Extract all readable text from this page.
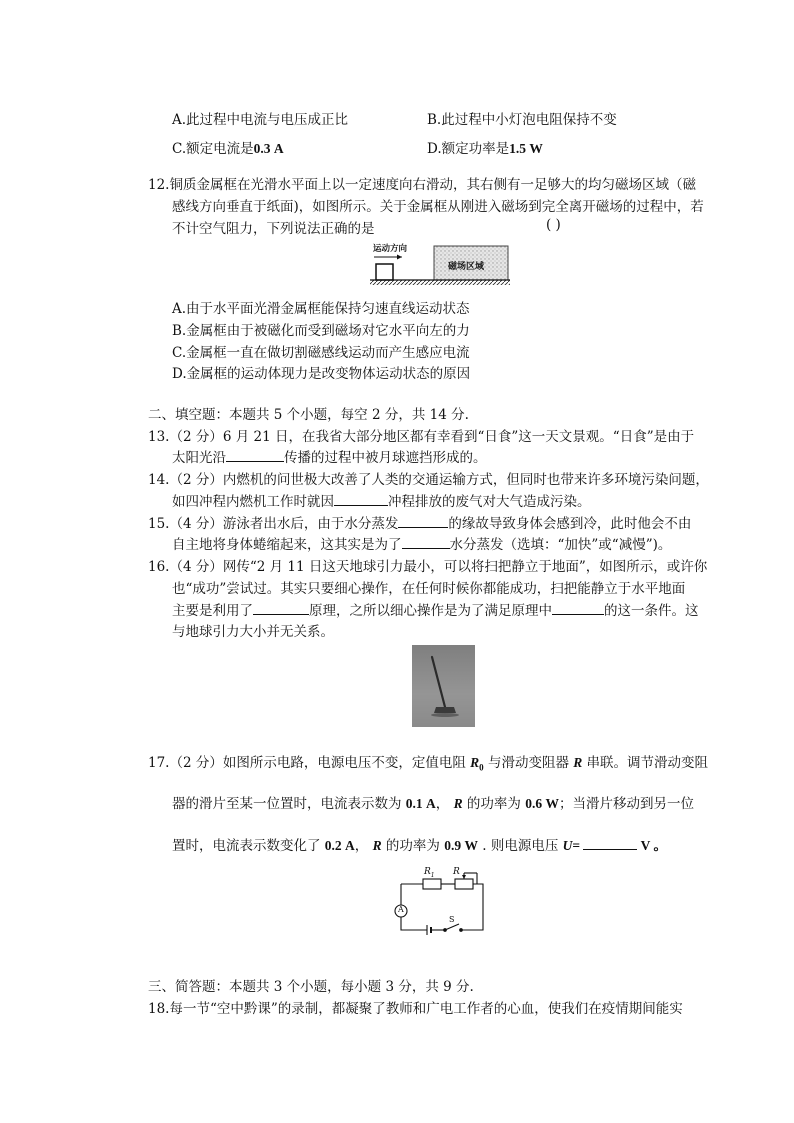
A.此过程中电流与电压成正比	B.此过程中小灯泡电阻保持不变
C.额定电流是0.3 A	D.额定功率是1.5 W
12.铜质金属框在光滑水平面上以一定速度向右滑动，其右侧有一足够大的均匀磁场区域（磁
感线方向垂直于纸面)，如图所示。关于金属框从刚进入磁场到完全离开磁场的过程中，若
不计空气阻力，下列说法正确的是	( )
运动方向
磁场区域
A.由于水平面光滑金属框能保持匀速直线运动状态
B.金属框由于被磁化而受到磁场对它水平向左的力
C.金属框一直在做切割磁感线运动而产生感应电流
D.金属框的运动体现力是改变物体运动状态的原因
二、填空题：本题共 5 个小题，每空 2 分，共 14 分.
13.（2 分）6 月 21 日，在我省大部分地区都有幸看到“日食”这一天文景观。“日食”是由于
太阳光沿	传播的过程中被月球遮挡形成的。
14.（2 分）内燃机的问世极大改善了人类的交通运输方式，但同时也带来许多环境污染问题，
如四冲程内燃机工作时就因	冲程排放的废气对大气造成污染。
15.（4 分）游泳者出水后，由于水分蒸发	的缘故导致身体会感到冷，此时他会不由
自主地将身体蜷缩起来，这其实是为了	水分蒸发（选填：“加快”或“减慢”)。
16.（4 分）网传“2 月 11 日这天地球引力最小，可以将扫把静立于地面”，如图所示，或许你
也“成功”尝试过。其实只要细心操作，在任何时候你都能成功，扫把能静立于水平地面
主要是利用了	原理，之所以细心操作是为了满足原理中	的这一条件。这
与地球引力大小并无关系。
17.（2 分）如图所示电路，电源电压不变，定值电阻 $R_0$ 与滑动变阻器 R 串联。调节滑动变阻
器的滑片至某一位置时，电流表示数为 0.1 A， R 的功率为 0.6 W；当滑片移动到另一位
置时，电流表示数变化了 0.2 A， R 的功率为 0.9 W . 则电源电压 U=	V 。
$R_1$ R
A
S
三、简答题：本题共 3 个小题，每小题 3 分，共 9 分.
18.每一节“空中黔课”的录制，都凝聚了教师和广电工作者的心血，使我们在疫情期间能实
